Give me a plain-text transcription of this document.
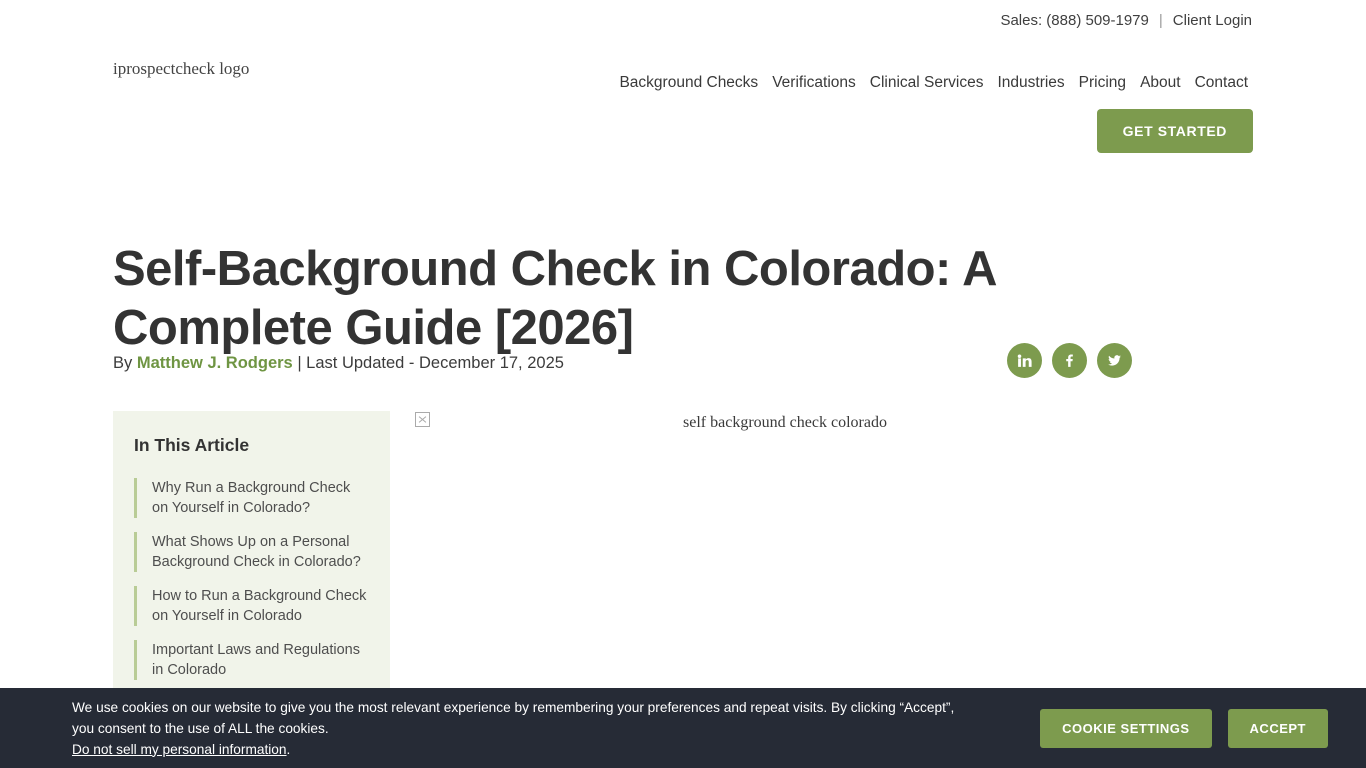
Sales: (888) 509-1979 | Client Login
iprospectcheck logo
Background Checks Verifications Clinical Services Industries Pricing About Contact
GET STARTED
Self-Background Check in Colorado: A Complete Guide [2026]
By Matthew J. Rodgers | Last Updated - December 17, 2025
In This Article
Why Run a Background Check on Yourself in Colorado?
What Shows Up on a Personal Background Check in Colorado?
How to Run a Background Check on Yourself in Colorado
Important Laws and Regulations in Colorado
self background check colorado
We use cookies on our website to give you the most relevant experience by remembering your preferences and repeat visits. By clicking “Accept”, you consent to the use of ALL the cookies.
Do not sell my personal information.
COOKIE SETTINGS	ACCEPT
